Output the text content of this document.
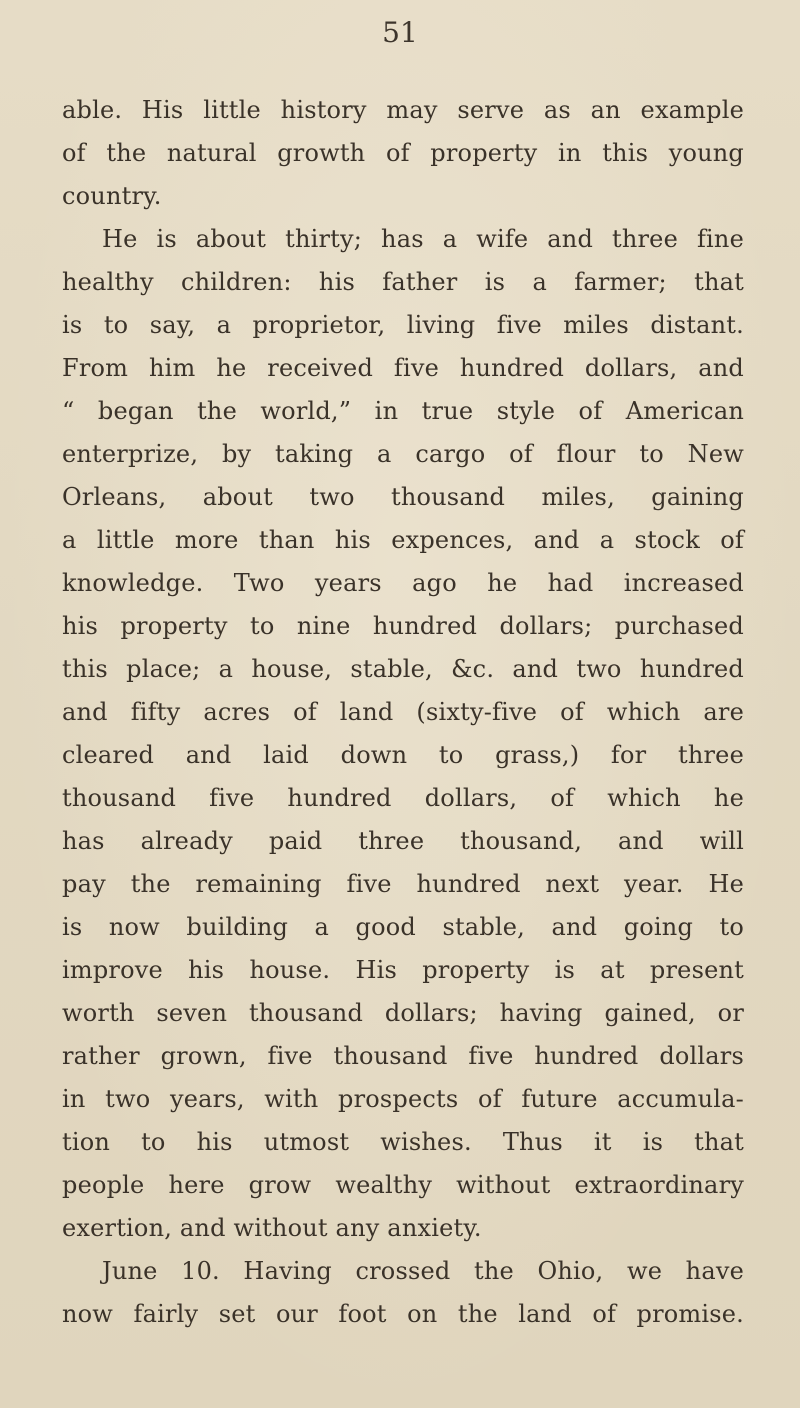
51
able. His little history may serve as an example
of the natural growth of property in this young
country.
He is about thirty; has a wife and three fine
healthy children: his father is a farmer; that
is to say, a proprietor, living five miles distant.
From him he received five hundred dollars, and
“ began the world,” in true style of American
enterprize, by taking a cargo of flour to New
Orleans, about two thousand miles, gaining
a little more than his expences, and a stock of
knowledge. Two years ago he had increased
his property to nine hundred dollars; purchased
this place; a house, stable, &c. and two hundred
and fifty acres of land (sixty-five of which are
cleared and laid down to grass,) for three
thousand five hundred dollars, of which he
has already paid three thousand, and will
pay the remaining five hundred next year. He
is now building a good stable, and going to
improve his house. His property is at present
worth seven thousand dollars; having gained, or
rather grown, five thousand five hundred dollars
in two years, with prospects of future accumula-
tion to his utmost wishes. Thus it is that
people here grow wealthy without extraordinary
exertion, and without any anxiety.
June 10. Having crossed the Ohio, we have
now fairly set our foot on the land of promise.
